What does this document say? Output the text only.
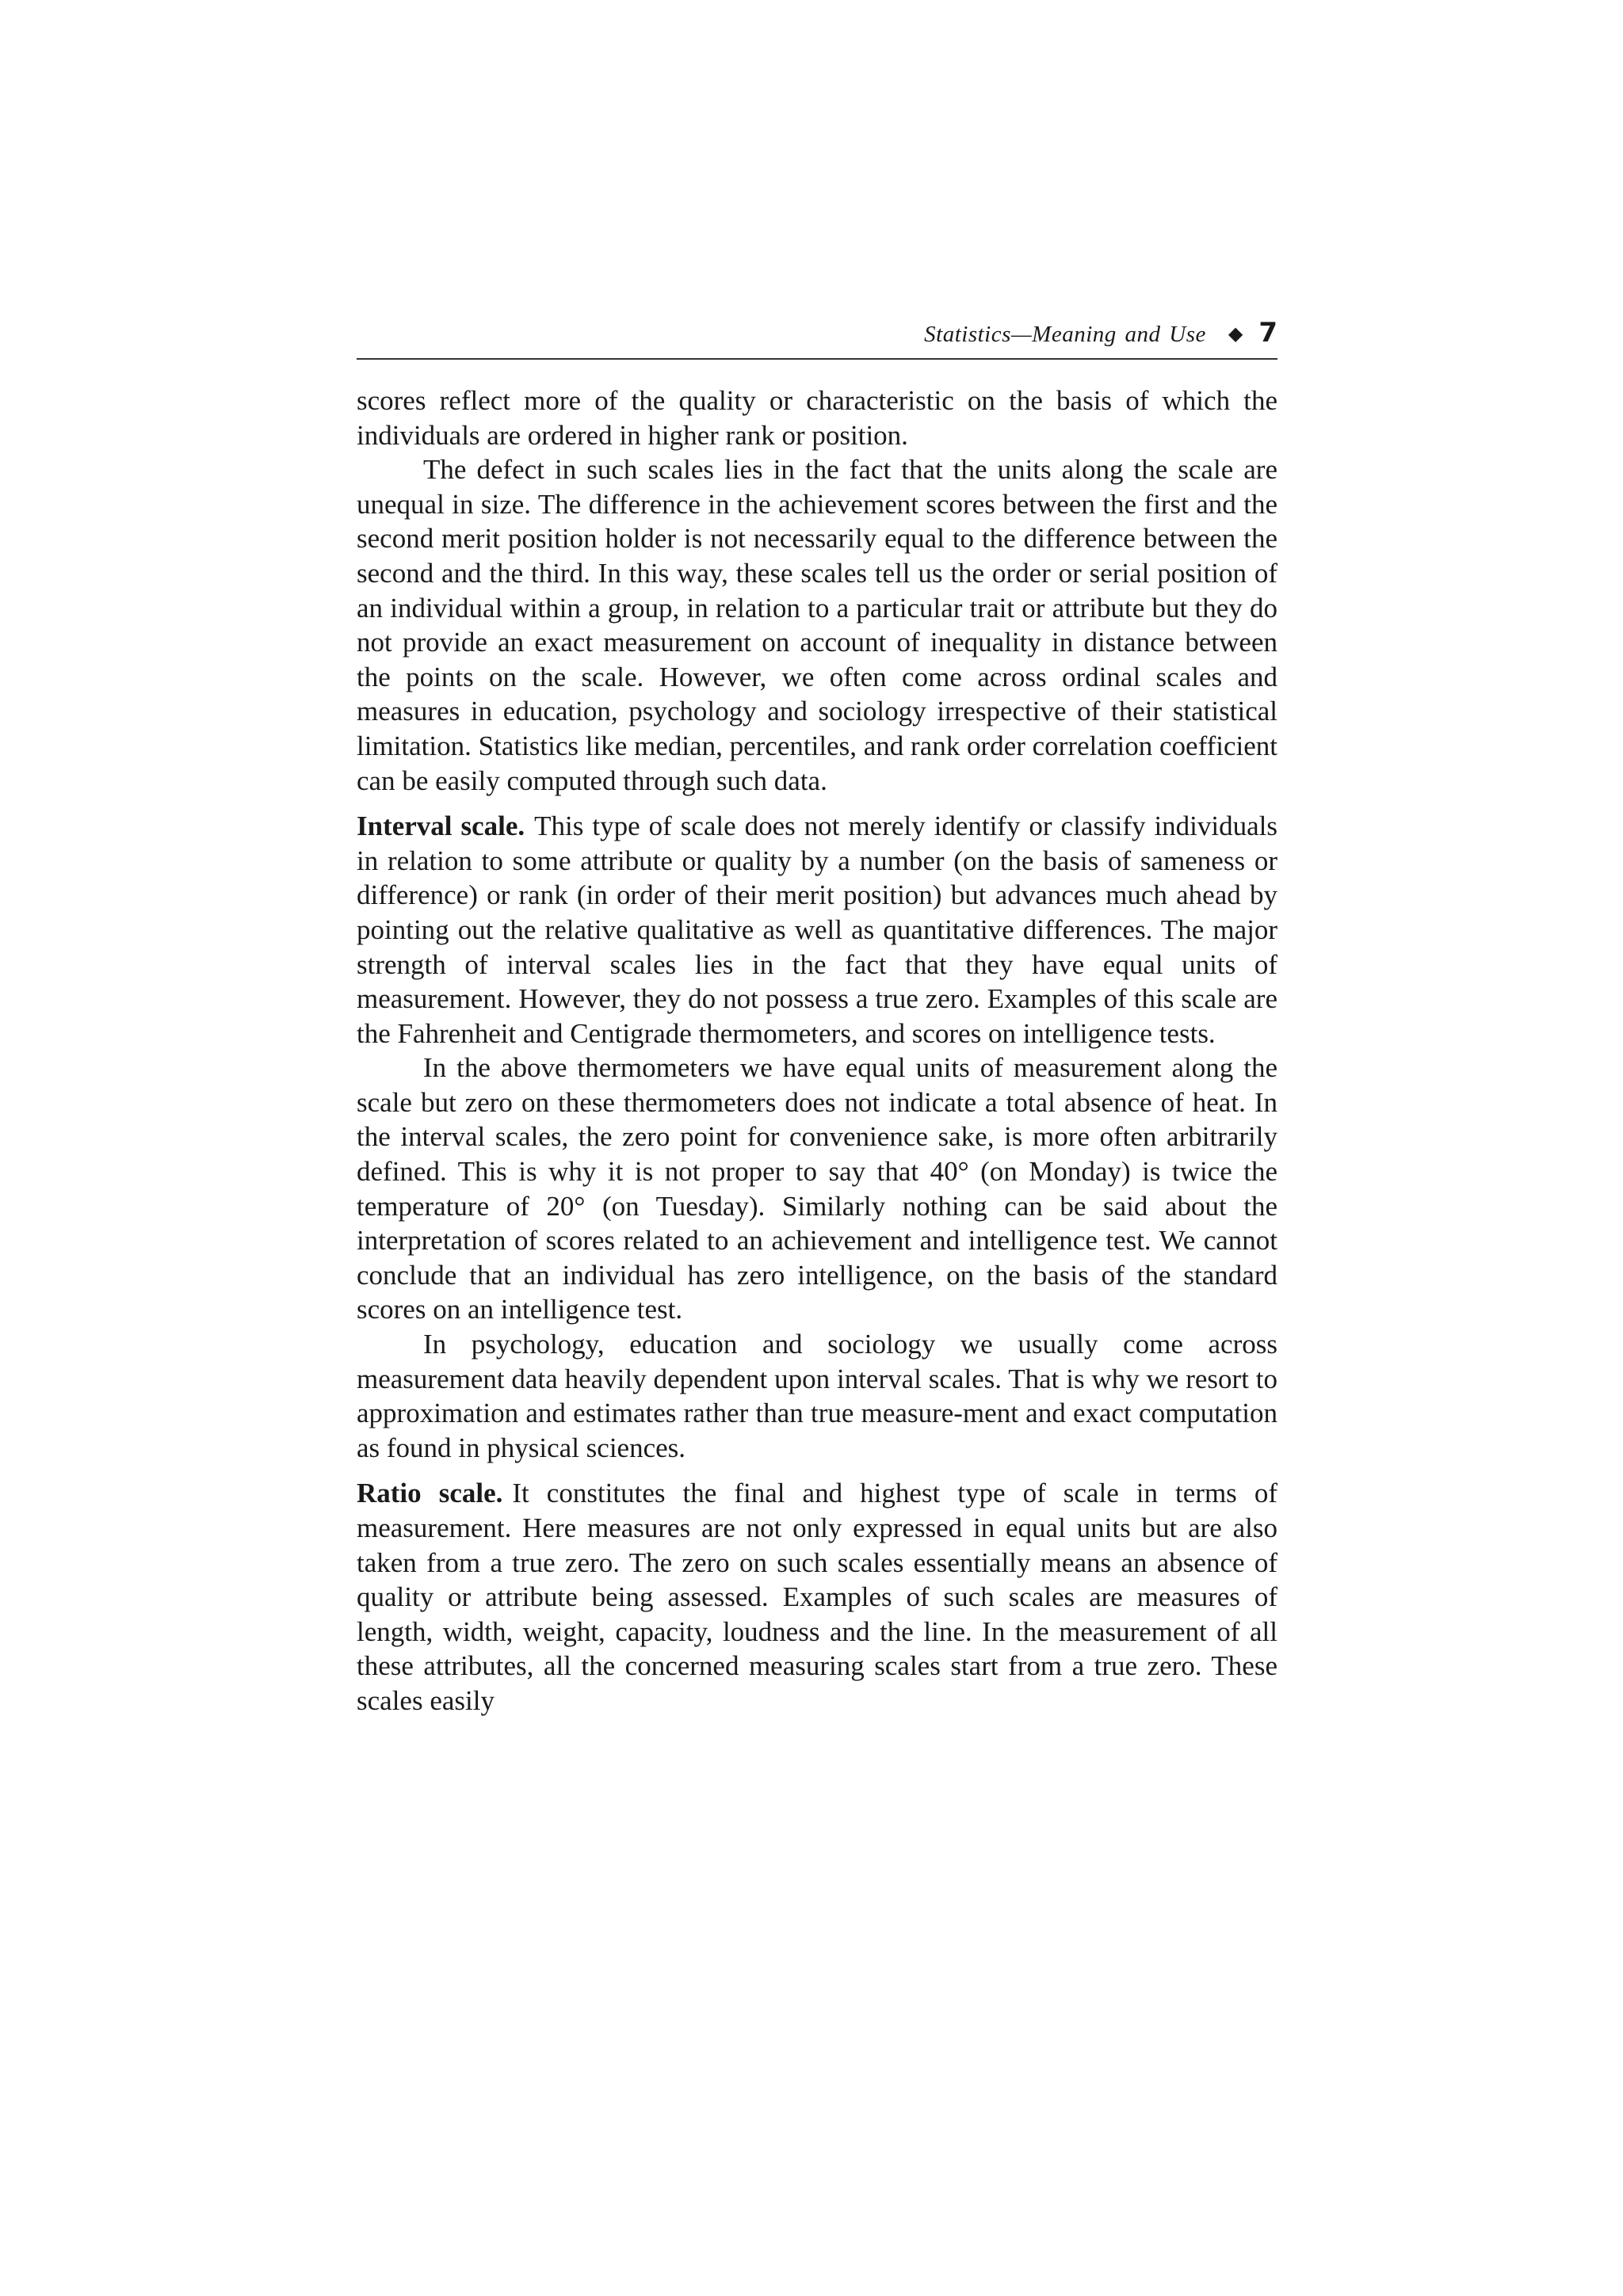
Statistics—Meaning and Use ◆ 7

scores reflect more of the quality or characteristic on the basis of which the individuals are ordered in higher rank or position.

The defect in such scales lies in the fact that the units along the scale are unequal in size. The difference in the achievement scores between the first and the second merit position holder is not necessarily equal to the difference between the second and the third. In this way, these scales tell us the order or serial position of an individual within a group, in relation to a particular trait or attribute but they do not provide an exact measurement on account of inequality in distance between the points on the scale. However, we often come across ordinal scales and measures in education, psychology and sociology irrespective of their statistical limitation. Statistics like median, percentiles, and rank order correlation coefficient can be easily computed through such data.

Interval scale. This type of scale does not merely identify or classify individuals in relation to some attribute or quality by a number (on the basis of sameness or difference) or rank (in order of their merit position) but advances much ahead by pointing out the relative qualitative as well as quantitative differences. The major strength of interval scales lies in the fact that they have equal units of measurement. However, they do not possess a true zero. Examples of this scale are the Fahrenheit and Centigrade thermometers, and scores on intelligence tests.

In the above thermometers we have equal units of measurement along the scale but zero on these thermometers does not indicate a total absence of heat. In the interval scales, the zero point for convenience sake, is more often arbitrarily defined. This is why it is not proper to say that 40° (on Monday) is twice the temperature of 20° (on Tuesday). Similarly nothing can be said about the interpretation of scores related to an achievement and intelligence test. We cannot conclude that an individual has zero intelligence, on the basis of the standard scores on an intelligence test.

In psychology, education and sociology we usually come across measurement data heavily dependent upon interval scales. That is why we resort to approximation and estimates rather than true measure-ment and exact computation as found in physical sciences.

Ratio scale. It constitutes the final and highest type of scale in terms of measurement. Here measures are not only expressed in equal units but are also taken from a true zero. The zero on such scales essentially means an absence of quality or attribute being assessed. Examples of such scales are measures of length, width, weight, capacity, loudness and the line. In the measurement of all these attributes, all the concerned measuring scales start from a true zero. These scales easily
